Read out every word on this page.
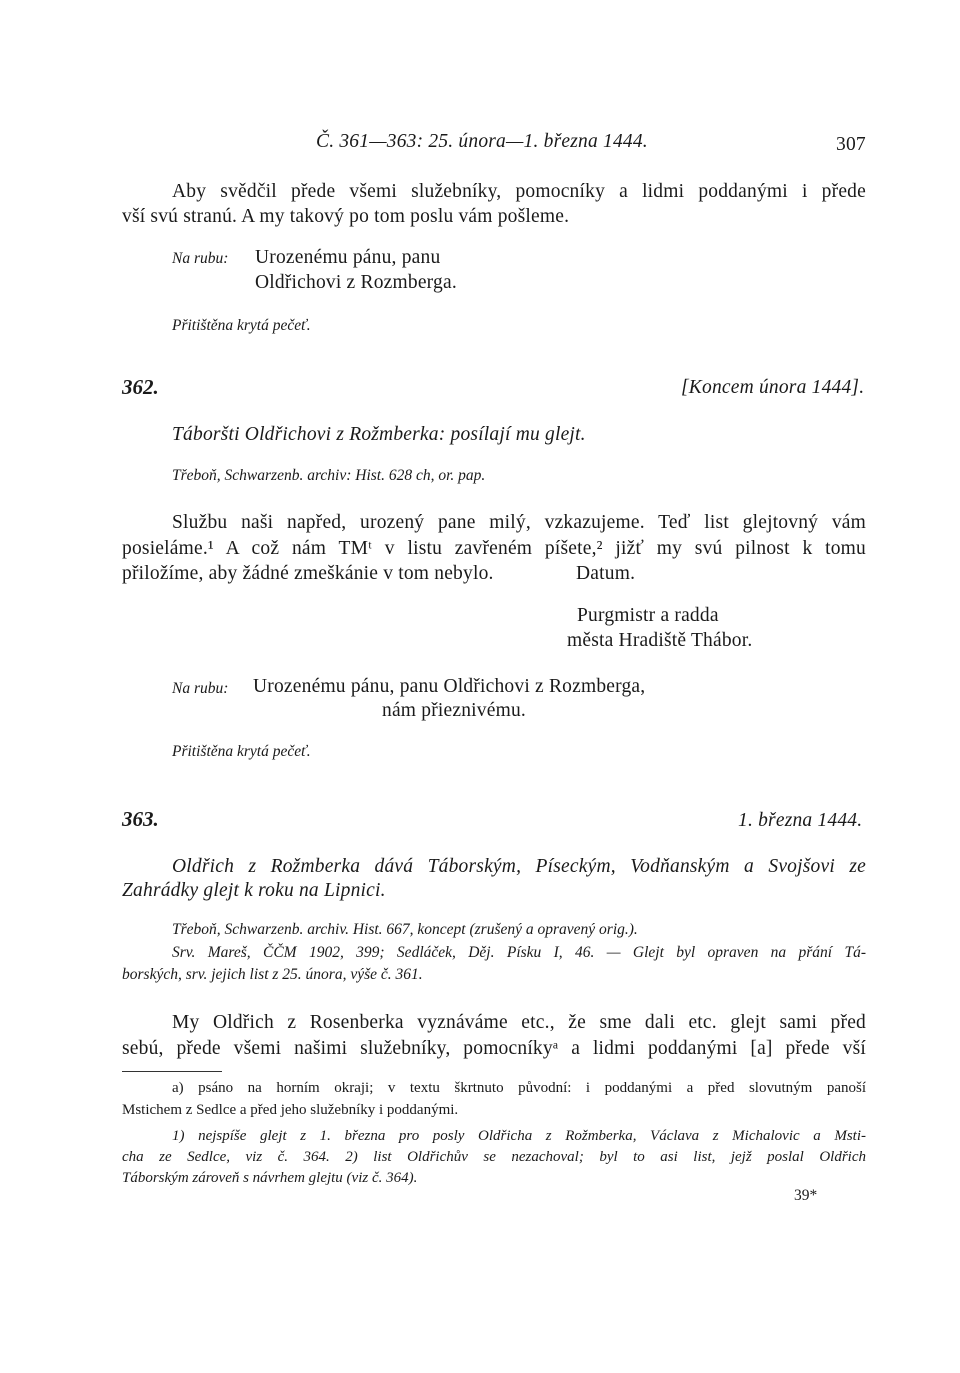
Č. 361—363: 25. února—1. března 1444.	307
Aby svědčil přede všemi služebníky, pomocníky a lidmi poddanými i přede
vší svú stranú. A my takový po tom poslu vám pošleme.
Na rubu: Urozenému pánu, panu
Oldřichovi z Rozmberga.
Přitištěna krytá pečeť.
362.	[Koncem února 1444].
Táboršti Oldřichovi z Rožmberka: posílají mu glejt.
Třeboň, Schwarzenb. archiv: Hist. 628 ch, or. pap.
Službu naši napřed, urozený pane milý, vzkazujeme. Teď list glejtovný vám
posieláme.¹ A což nám TMᵗ v listu zavřeném píšete,² jižť my svú pilnost k tomu
přiložíme, aby žádné zmeškánie v tom nebylo.	Datum.
Purgmistr a radda
města Hradiště Thábor.
Na rubu: Urozenému pánu, panu Oldřichovi z Rozmberga,
nám přieznivému.
Přitištěna krytá pečeť.
363.	1. března 1444.
Oldřich z Rožmberka dává Táborským, Píseckým, Vodňanským a Svojšovi ze
Zahrádky glejt k roku na Lipnici.
Třeboň, Schwarzenb. archiv. Hist. 667, koncept (zrušený a opravený orig.).
Srv. Mareš, ČČM 1902, 399; Sedláček, Děj. Písku I, 46. — Glejt byl opraven na přání Tá-
borských, srv. jejich list z 25. února, výše č. 361.
My Oldřich z Rosenberka vyznáváme etc., že sme dali etc. glejt sami před
sebú, přede všemi našimi služebníky, pomocníkyᵃ a lidmi poddanými [a] přede vší
a) psáno na horním okraji; v textu škrtnuto původní: i poddanými a před slovutným panoší
Mstichem z Sedlce a před jeho služebníky i poddanými.
1) nejspíše glejt z 1. března pro posly Oldřicha z Rožmberka, Václava z Michalovic a Msti-
cha ze Sedlce, viz č. 364. 2) list Oldřichův se nezachoval; byl to asi list, jejž poslal Oldřich
Táborským zároveň s návrhem glejtu (viz č. 364).
39*
